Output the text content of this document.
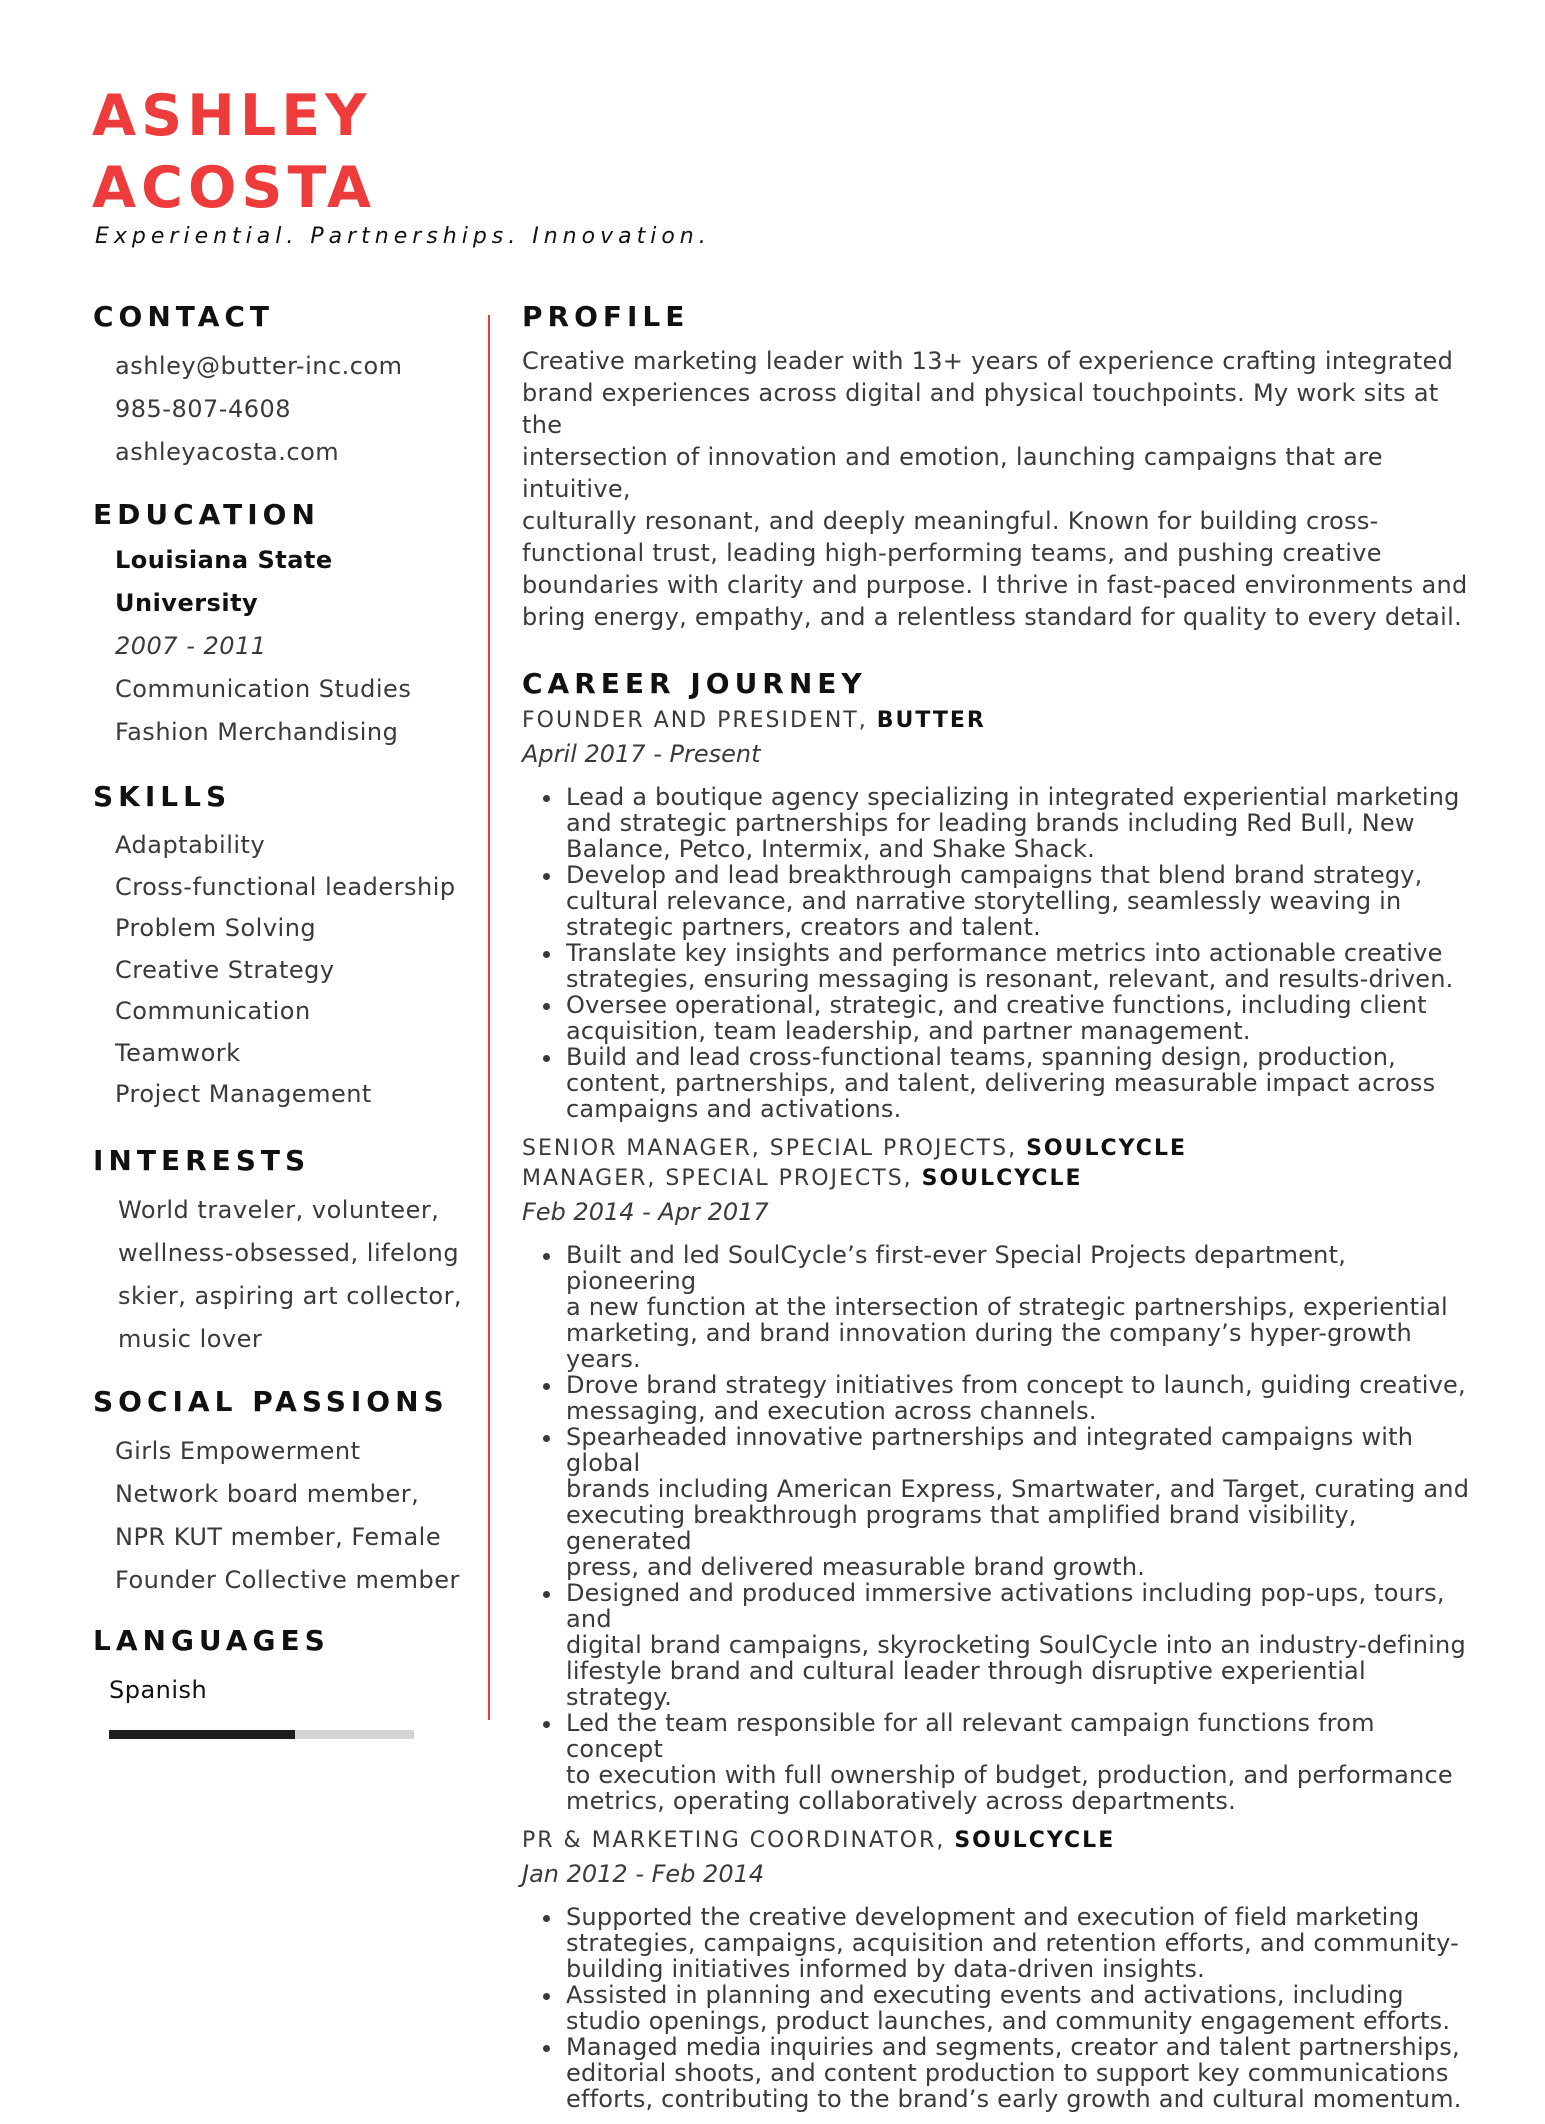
ASHLEY
ACOSTA
Experiential. Partnerships. Innovation.
CONTACT
ashley@butter-inc.com
985-807-4608
ashleyacosta.com
EDUCATION
Louisiana State University
2007 - 2011
Communication Studies
Fashion Merchandising
SKILLS
Adaptability
Cross-functional leadership
Problem Solving
Creative Strategy
Communication
Teamwork
Project Management
INTERESTS
World traveler, volunteer,
wellness-obsessed, lifelong
skier, aspiring art collector,
music lover
SOCIAL PASSIONS
Girls Empowerment
Network board member,
NPR KUT member, Female
Founder Collective member
LANGUAGES
Spanish
PROFILE
Creative marketing leader with 13+ years of experience crafting integrated
brand experiences across digital and physical touchpoints. My work sits at the
intersection of innovation and emotion, launching campaigns that are intuitive,
culturally resonant, and deeply meaningful. Known for building cross-
functional trust, leading high-performing teams, and pushing creative
boundaries with clarity and purpose. I thrive in fast-paced environments and
bring energy, empathy, and a relentless standard for quality to every detail.
CAREER JOURNEY
FOUNDER AND PRESIDENT, BUTTER
April 2017 - Present
• Lead a boutique agency specializing in integrated experiential marketing
and strategic partnerships for leading brands including Red Bull, New
Balance, Petco, Intermix, and Shake Shack.
• Develop and lead breakthrough campaigns that blend brand strategy,
cultural relevance, and narrative storytelling, seamlessly weaving in
strategic partners, creators and talent.
• Translate key insights and performance metrics into actionable creative
strategies, ensuring messaging is resonant, relevant, and results-driven.
• Oversee operational, strategic, and creative functions, including client
acquisition, team leadership, and partner management.
• Build and lead cross-functional teams, spanning design, production,
content, partnerships, and talent, delivering measurable impact across
campaigns and activations.
SENIOR MANAGER, SPECIAL PROJECTS, SOULCYCLE
MANAGER, SPECIAL PROJECTS, SOULCYCLE
Feb 2014 - Apr 2017
• Built and led SoulCycle’s first-ever Special Projects department, pioneering
a new function at the intersection of strategic partnerships, experiential
marketing, and brand innovation during the company’s hyper-growth years.
• Drove brand strategy initiatives from concept to launch, guiding creative,
messaging, and execution across channels.
• Spearheaded innovative partnerships and integrated campaigns with global
brands including American Express, Smartwater, and Target, curating and
executing breakthrough programs that amplified brand visibility, generated
press, and delivered measurable brand growth.
• Designed and produced immersive activations including pop-ups, tours, and
digital brand campaigns, skyrocketing SoulCycle into an industry-defining
lifestyle brand and cultural leader through disruptive experiential strategy.
• Led the team responsible for all relevant campaign functions from concept
to execution with full ownership of budget, production, and performance
metrics, operating collaboratively across departments.
PR & MARKETING COORDINATOR, SOULCYCLE
Jan 2012 - Feb 2014
• Supported the creative development and execution of field marketing
strategies, campaigns, acquisition and retention efforts, and community-
building initiatives informed by data-driven insights.
• Assisted in planning and executing events and activations, including
studio openings, product launches, and community engagement efforts.
• Managed media inquiries and segments, creator and talent partnerships,
editorial shoots, and content production to support key communications
efforts, contributing to the brand’s early growth and cultural momentum.
